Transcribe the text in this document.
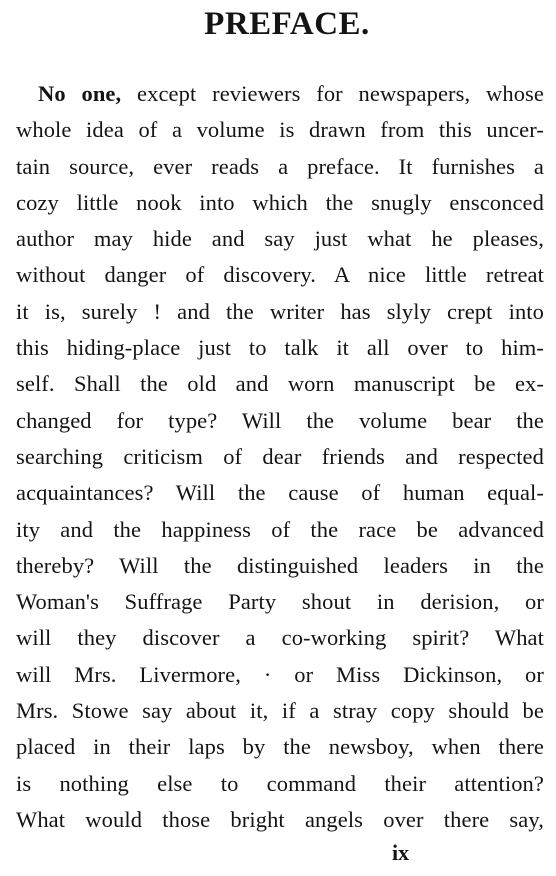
PREFACE.
No one, except reviewers for newspapers, whose
whole idea of a volume is drawn from this uncer-
tain source, ever reads a preface. It furnishes a
cozy little nook into which the snugly ensconced
author may hide and say just what he pleases,
without danger of discovery. A nice little retreat
it is, surely ! and the writer has slyly crept into
this hiding-place just to talk it all over to him-
self. Shall the old and worn manuscript be ex-
changed for type? Will the volume bear the
searching criticism of dear friends and respected
acquaintances? Will the cause of human equal-
ity and the happiness of the race be advanced
thereby? Will the distinguished leaders in the
Woman's Suffrage Party shout in derision, or
will they discover a co-working spirit? What
will Mrs. Livermore, · or Miss Dickinson, or
Mrs. Stowe say about it, if a stray copy should be
placed in their laps by the newsboy, when there
is nothing else to command their attention?
What would those bright angels over there say,
ix
